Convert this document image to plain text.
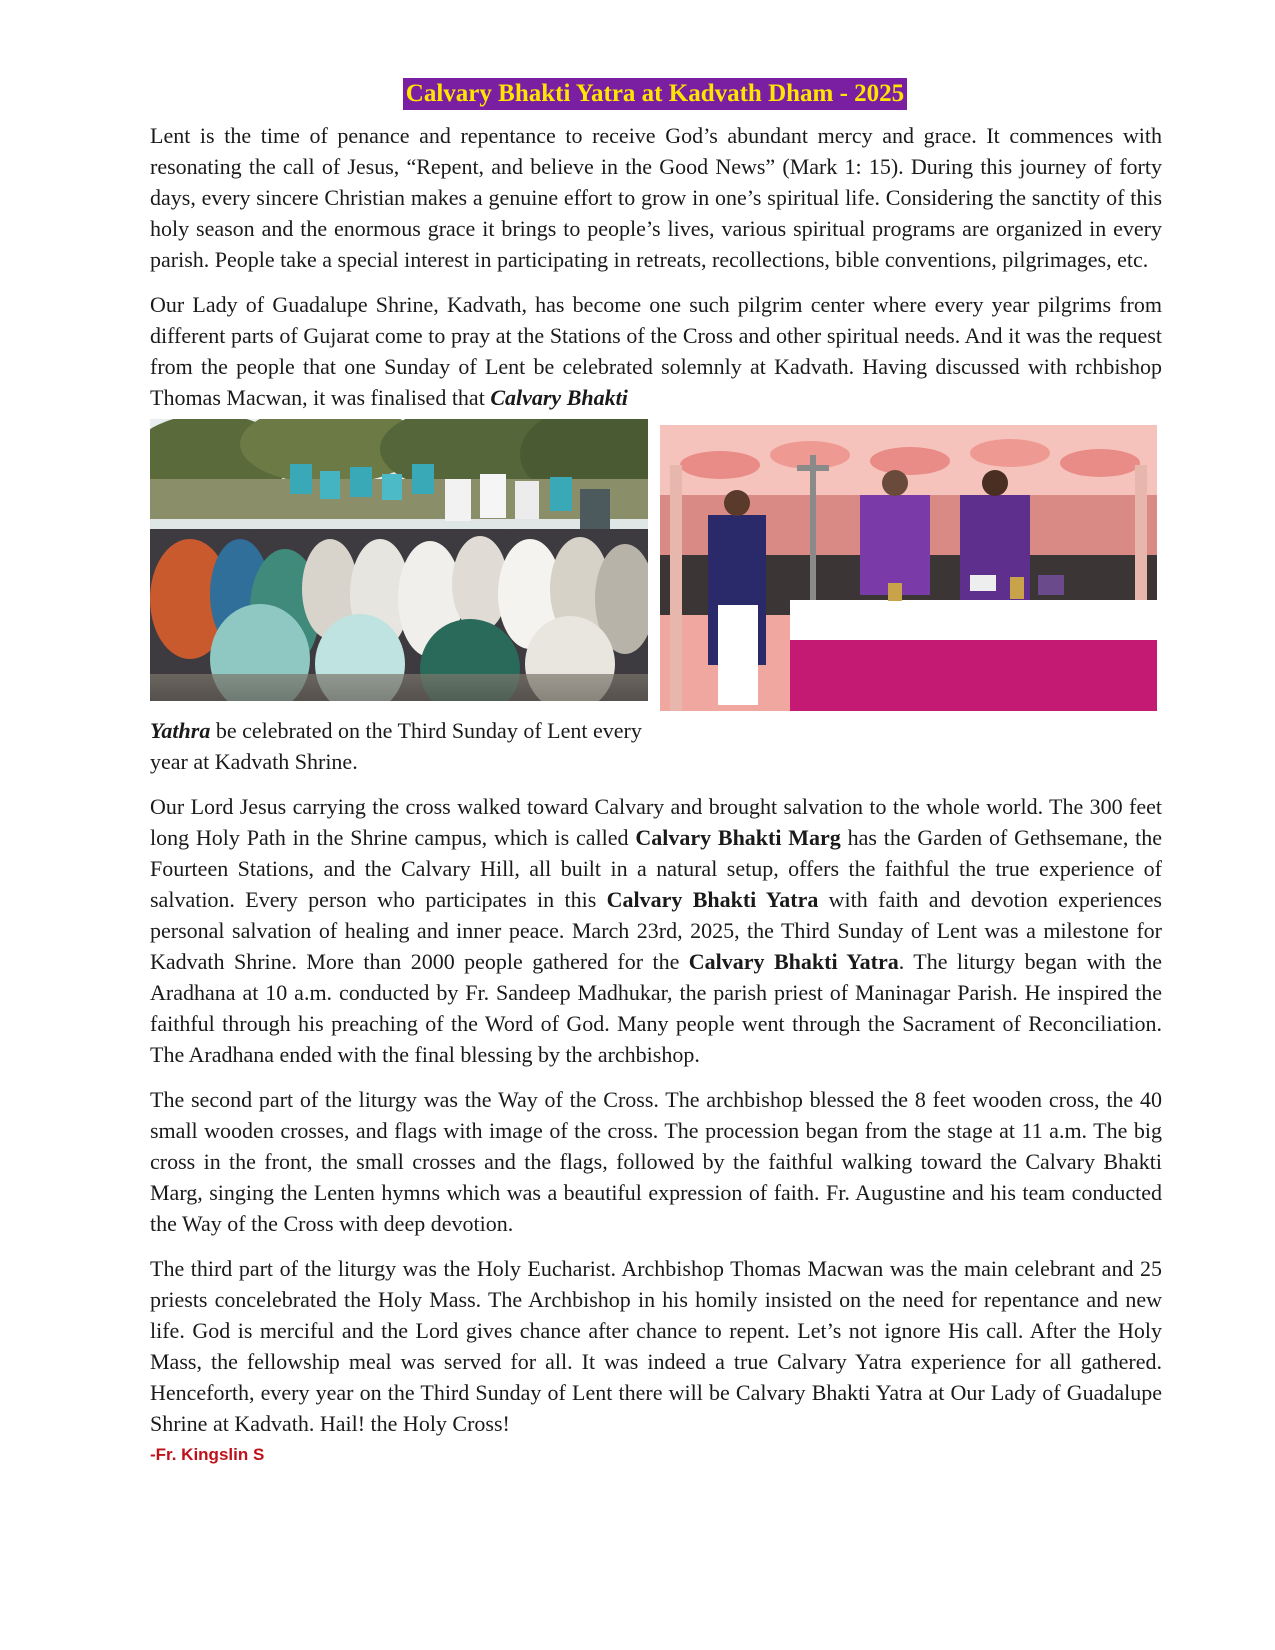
Calvary Bhakti Yatra at Kadvath Dham - 2025

Lent is the time of penance and repentance to receive God’s abundant mercy and grace. It commences with resonating the call of Jesus, “Repent, and believe in the Good News” (Mark 1: 15). During this journey of forty days, every sincere Christian makes a genuine effort to grow in one’s spiritual life. Considering the sanctity of this holy season and the enormous grace it brings to people’s lives, various spiritual programs are organized in every parish. People take a special interest in participating in retreats, recollections, bible conventions, pilgrimages, etc.

Our Lady of Guadalupe Shrine, Kadvath, has become one such pilgrim center where every year pilgrims from different parts of Gujarat come to pray at the Stations of the Cross and other spiritual needs. And it was the request from the people that one Sunday of Lent be celebrated solemnly at Kadvath. Having discussed with rchbishop Thomas Macwan, it was finalised that Calvary Bhakti

Yathra be celebrated on the Third Sunday of Lent every year at Kadvath Shrine.

Our Lord Jesus carrying the cross walked toward Calvary and brought salvation to the whole world. The 300 feet long Holy Path in the Shrine campus, which is called Calvary Bhakti Marg has the Garden of Gethsemane, the Fourteen Stations, and the Calvary Hill, all built in a natural setup, offers the faithful the true experience of salvation. Every person who participates in this Calvary Bhakti Yatra with faith and devotion experiences personal salvation of healing and inner peace. March 23rd, 2025, the Third Sunday of Lent was a milestone for Kadvath Shrine. More than 2000 people gathered for the Calvary Bhakti Yatra. The liturgy began with the Aradhana at 10 a.m. conducted by Fr. Sandeep Madhukar, the parish priest of Maninagar Parish. He inspired the faithful through his preaching of the Word of God. Many people went through the Sacrament of Reconciliation. The Aradhana ended with the final blessing by the archbishop.

The second part of the liturgy was the Way of the Cross. The archbishop blessed the 8 feet wooden cross, the 40 small wooden crosses, and flags with image of the cross. The procession began from the stage at 11 a.m. The big cross in the front, the small crosses and the flags, followed by the faithful walking toward the Calvary Bhakti Marg, singing the Lenten hymns which was a beautiful expression of faith. Fr. Augustine and his team conducted the Way of the Cross with deep devotion.

The third part of the liturgy was the Holy Eucharist. Archbishop Thomas Macwan was the main celebrant and 25 priests concelebrated the Holy Mass. The Archbishop in his homily insisted on the need for repentance and new life. God is merciful and the Lord gives chance after chance to repent. Let’s not ignore His call. After the Holy Mass, the fellowship meal was served for all. It was indeed a true Calvary Yatra experience for all gathered. Henceforth, every year on the Third Sunday of Lent there will be Calvary Bhakti Yatra at Our Lady of Guadalupe Shrine at Kadvath. Hail! the Holy Cross!

-Fr. Kingslin S
